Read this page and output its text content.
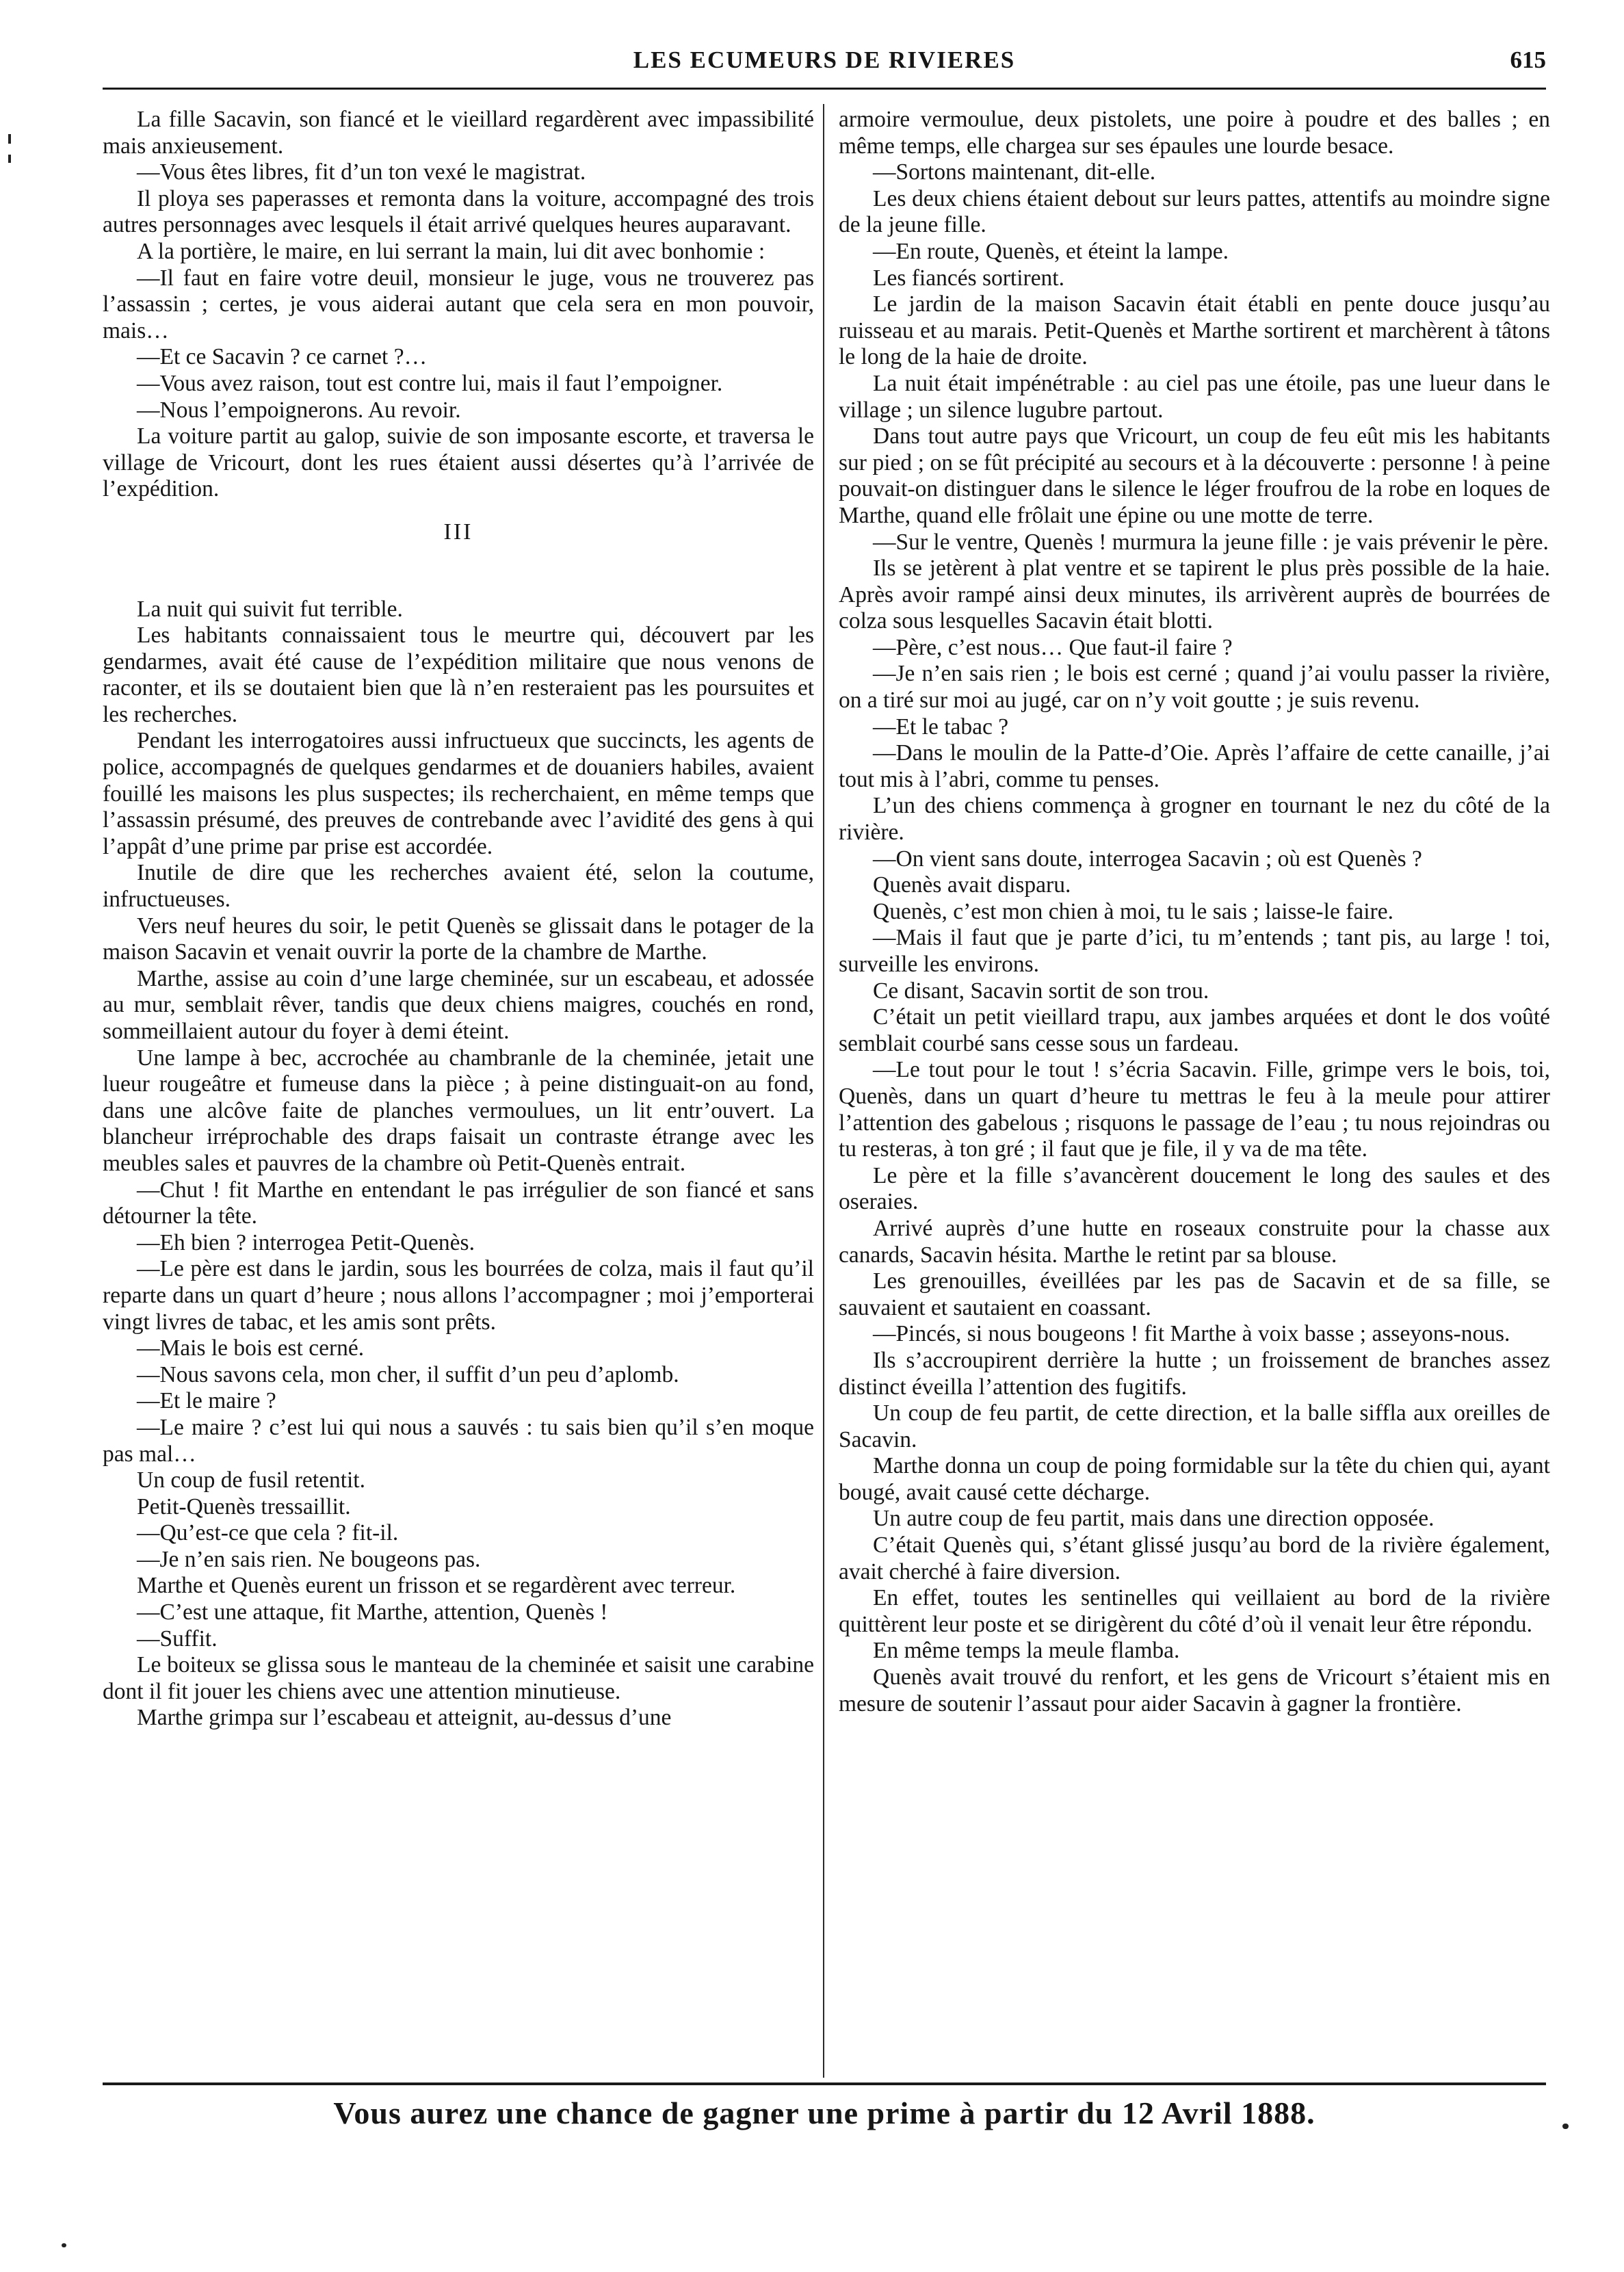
LES ECUMEURS DE RIVIERES	615

La fille Sacavin, son fiancé et le vieillard regardèrent avec impassibilité mais anxieusement.

—Vous êtes libres, fit d’un ton vexé le magistrat.

Il ploya ses paperasses et remonta dans la voiture, accompagné des trois autres personnages avec lesquels il était arrivé quelques heures auparavant.

A la portière, le maire, en lui serrant la main, lui dit avec bonhomie :

—Il faut en faire votre deuil, monsieur le juge, vous ne trouverez pas l’assassin ; certes, je vous aiderai autant que cela sera en mon pouvoir, mais…

—Et ce Sacavin ? ce carnet ?…

—Vous avez raison, tout est contre lui, mais il faut l’empoigner.

—Nous l’empoignerons. Au revoir.

La voiture partit au galop, suivie de son imposante escorte, et traversa le village de Vricourt, dont les rues étaient aussi désertes qu’à l’arrivée de l’expédition.

III

La nuit qui suivit fut terrible.

Les habitants connaissaient tous le meurtre qui, découvert par les gendarmes, avait été cause de l’expédition militaire que nous venons de raconter, et ils se doutaient bien que là n’en resteraient pas les poursuites et les recherches.

Pendant les interrogatoires aussi infructueux que succincts, les agents de police, accompagnés de quelques gendarmes et de douaniers habiles, avaient fouillé les maisons les plus suspectes; ils recherchaient, en même temps que l’assassin présumé, des preuves de contrebande avec l’avidité des gens à qui l’appât d’une prime par prise est accordée.

Inutile de dire que les recherches avaient été, selon la coutume, infructueuses.

Vers neuf heures du soir, le petit Quenès se glissait dans le potager de la maison Sacavin et venait ouvrir la porte de la chambre de Marthe.

Marthe, assise au coin d’une large cheminée, sur un escabeau, et adossée au mur, semblait rêver, tandis que deux chiens maigres, couchés en rond, sommeillaient autour du foyer à demi éteint.

Une lampe à bec, accrochée au chambranle de la cheminée, jetait une lueur rougeâtre et fumeuse dans la pièce ; à peine distinguait-on au fond, dans une alcôve faite de planches vermoulues, un lit entr’ouvert. La blancheur irréprochable des draps faisait un contraste étrange avec les meubles sales et pauvres de la chambre où Petit-Quenès entrait.

—Chut ! fit Marthe en entendant le pas irrégulier de son fiancé et sans détourner la tête.

—Eh bien ? interrogea Petit-Quenès.

—Le père est dans le jardin, sous les bourrées de colza, mais il faut qu’il reparte dans un quart d’heure ; nous allons l’accompagner ; moi j’emporterai vingt livres de tabac, et les amis sont prêts.

—Mais le bois est cerné.

—Nous savons cela, mon cher, il suffit d’un peu d’aplomb.

—Et le maire ?

—Le maire ? c’est lui qui nous a sauvés : tu sais bien qu’il s’en moque pas mal…

Un coup de fusil retentit.

Petit-Quenès tressaillit.

—Qu’est-ce que cela ? fit-il.

—Je n’en sais rien. Ne bougeons pas.

Marthe et Quenès eurent un frisson et se regardèrent avec terreur.

—C’est une attaque, fit Marthe, attention, Quenès !

—Suffit.

Le boiteux se glissa sous le manteau de la cheminée et saisit une carabine dont il fit jouer les chiens avec une attention minutieuse.

Marthe grimpa sur l’escabeau et atteignit, au-dessus d’une

armoire vermoulue, deux pistolets, une poire à poudre et des balles ; en même temps, elle chargea sur ses épaules une lourde besace.

—Sortons maintenant, dit-elle.

Les deux chiens étaient debout sur leurs pattes, attentifs au moindre signe de la jeune fille.

—En route, Quenès, et éteint la lampe.

Les fiancés sortirent.

Le jardin de la maison Sacavin était établi en pente douce jusqu’au ruisseau et au marais. Petit-Quenès et Marthe sortirent et marchèrent à tâtons le long de la haie de droite.

La nuit était impénétrable : au ciel pas une étoile, pas une lueur dans le village ; un silence lugubre partout.

Dans tout autre pays que Vricourt, un coup de feu eût mis les habitants sur pied ; on se fût précipité au secours et à la découverte : personne ! à peine pouvait-on distinguer dans le silence le léger froufrou de la robe en loques de Marthe, quand elle frôlait une épine ou une motte de terre.

—Sur le ventre, Quenès ! murmura la jeune fille : je vais prévenir le père.

Ils se jetèrent à plat ventre et se tapirent le plus près possible de la haie. Après avoir rampé ainsi deux minutes, ils arrivèrent auprès de bourrées de colza sous lesquelles Sacavin était blotti.

—Père, c’est nous… Que faut-il faire ?

—Je n’en sais rien ; le bois est cerné ; quand j’ai voulu passer la rivière, on a tiré sur moi au jugé, car on n’y voit goutte ; je suis revenu.

—Et le tabac ?

—Dans le moulin de la Patte-d’Oie. Après l’affaire de cette canaille, j’ai tout mis à l’abri, comme tu penses.

L’un des chiens commença à grogner en tournant le nez du côté de la rivière.

—On vient sans doute, interrogea Sacavin ; où est Quenès ?

Quenès avait disparu.

Quenès, c’est mon chien à moi, tu le sais ; laisse-le faire.

—Mais il faut que je parte d’ici, tu m’entends ; tant pis, au large ! toi, surveille les environs.

Ce disant, Sacavin sortit de son trou.

C’était un petit vieillard trapu, aux jambes arquées et dont le dos voûté semblait courbé sans cesse sous un fardeau.

—Le tout pour le tout ! s’écria Sacavin. Fille, grimpe vers le bois, toi, Quenès, dans un quart d’heure tu mettras le feu à la meule pour attirer l’attention des gabelous ; risquons le passage de l’eau ; tu nous rejoindras ou tu resteras, à ton gré ; il faut que je file, il y va de ma tête.

Le père et la fille s’avancèrent doucement le long des saules et des oseraies.

Arrivé auprès d’une hutte en roseaux construite pour la chasse aux canards, Sacavin hésita. Marthe le retint par sa blouse.

Les grenouilles, éveillées par les pas de Sacavin et de sa fille, se sauvaient et sautaient en coassant.

—Pincés, si nous bougeons ! fit Marthe à voix basse ; asseyons-nous.

Ils s’accroupirent derrière la hutte ; un froissement de branches assez distinct éveilla l’attention des fugitifs.

Un coup de feu partit, de cette direction, et la balle siffla aux oreilles de Sacavin.

Marthe donna un coup de poing formidable sur la tête du chien qui, ayant bougé, avait causé cette décharge.

Un autre coup de feu partit, mais dans une direction opposée.

C’était Quenès qui, s’étant glissé jusqu’au bord de la rivière également, avait cherché à faire diversion.

En effet, toutes les sentinelles qui veillaient au bord de la rivière quittèrent leur poste et se dirigèrent du côté d’où il venait leur être répondu.

En même temps la meule flamba.

Quenès avait trouvé du renfort, et les gens de Vricourt s’étaient mis en mesure de soutenir l’assaut pour aider Sacavin à gagner la frontière.

Vous aurez une chance de gagner une prime à partir du 12 Avril 1888.
